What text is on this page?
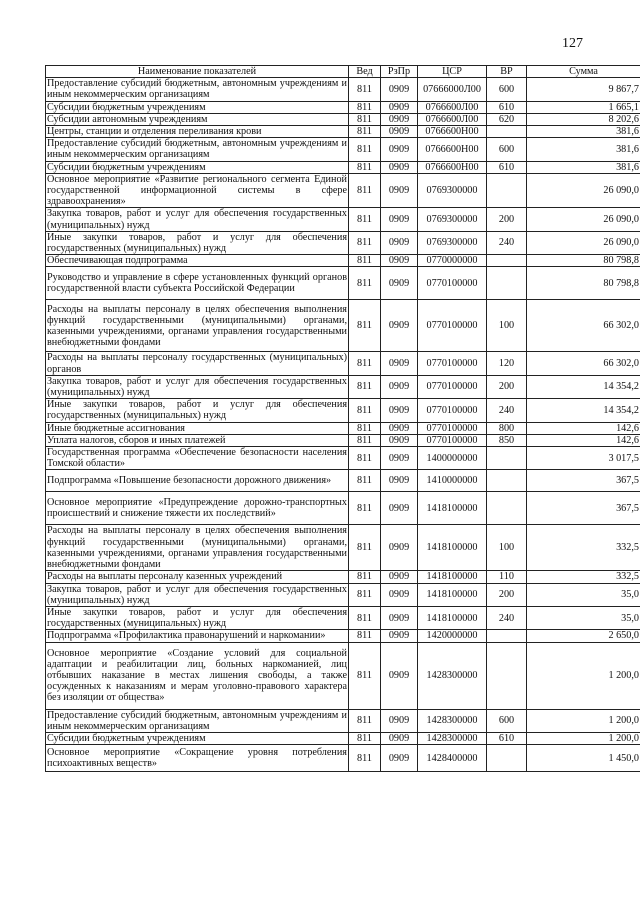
127
Наименование показателей	Вед	РзПр	ЦСР	ВР	Сумма
Предоставление субсидий бюджетным, автономным учреждениям и иным некоммерческим организациям	811	0909	07666000Л00	600	9 867,7
Субсидии бюджетным учреждениям	811	0909	0766600Л00	610	1 665,1
Субсидии автономным учреждениям	811	0909	0766600Л00	620	8 202,6
Центры, станции и отделения переливания крови	811	0909	0766600Н00		381,6
Предоставление субсидий бюджетным, автономным учреждениям и иным некоммерческим организациям	811	0909	0766600Н00	600	381,6
Субсидии бюджетным учреждениям	811	0909	0766600Н00	610	381,6
Основное мероприятие «Развитие регионального сегмента Единой государственной информационной системы в сфере здравоохранения»	811	0909	0769300000		26 090,0
Закупка товаров, работ и услуг для обеспечения государственных (муниципальных) нужд	811	0909	0769300000	200	26 090,0
Иные закупки товаров, работ и услуг для обеспечения государственных (муниципальных) нужд	811	0909	0769300000	240	26 090,0
Обеспечивающая подпрограмма	811	0909	0770000000		80 798,8
Руководство и управление в сфере установленных функций органов государственной власти субъекта Российской Федерации	811	0909	0770100000		80 798,8
Расходы на выплаты персоналу в целях обеспечения выполнения функций государственными (муниципальными) органами, казенными учреждениями, органами управления государственными внебюджетными фондами	811	0909	0770100000	100	66 302,0
Расходы на выплаты персоналу государственных (муниципальных) органов	811	0909	0770100000	120	66 302,0
Закупка товаров, работ и услуг для обеспечения государственных (муниципальных) нужд	811	0909	0770100000	200	14 354,2
Иные закупки товаров, работ и услуг для обеспечения государственных (муниципальных) нужд	811	0909	0770100000	240	14 354,2
Иные бюджетные ассигнования	811	0909	0770100000	800	142,6
Уплата налогов, сборов и иных платежей	811	0909	0770100000	850	142,6
Государственная программа «Обеспечение безопасности населения Томской области»	811	0909	1400000000		3 017,5
Подпрограмма «Повышение безопасности дорожного движения»	811	0909	1410000000		367,5
Основное мероприятие «Предупреждение дорожно-транспортных происшествий и снижение тяжести их последствий»	811	0909	1418100000		367,5
Расходы на выплаты персоналу в целях обеспечения выполнения функций государственными (муниципальными) органами, казенными учреждениями, органами управления государственными внебюджетными фондами	811	0909	1418100000	100	332,5
Расходы на выплаты персоналу казенных учреждений	811	0909	1418100000	110	332,5
Закупка товаров, работ и услуг для обеспечения государственных (муниципальных) нужд	811	0909	1418100000	200	35,0
Иные закупки товаров, работ и услуг для обеспечения государственных (муниципальных) нужд	811	0909	1418100000	240	35,0
Подпрограмма «Профилактика правонарушений и наркомании»	811	0909	1420000000		2 650,0
Основное мероприятие «Создание условий для социальной адаптации и реабилитации лиц, больных наркоманией, лиц отбывших наказание в местах лишения свободы, а также осужденных к наказаниям и мерам уголовно-правового характера без изоляции от общества»	811	0909	1428300000		1 200,0
Предоставление субсидий бюджетным, автономным учреждениям и иным некоммерческим организациям	811	0909	1428300000	600	1 200,0
Субсидии бюджетным учреждениям	811	0909	1428300000	610	1 200,0
Основное мероприятие «Сокращение уровня потребления психоактивных веществ»	811	0909	1428400000		1 450,0
